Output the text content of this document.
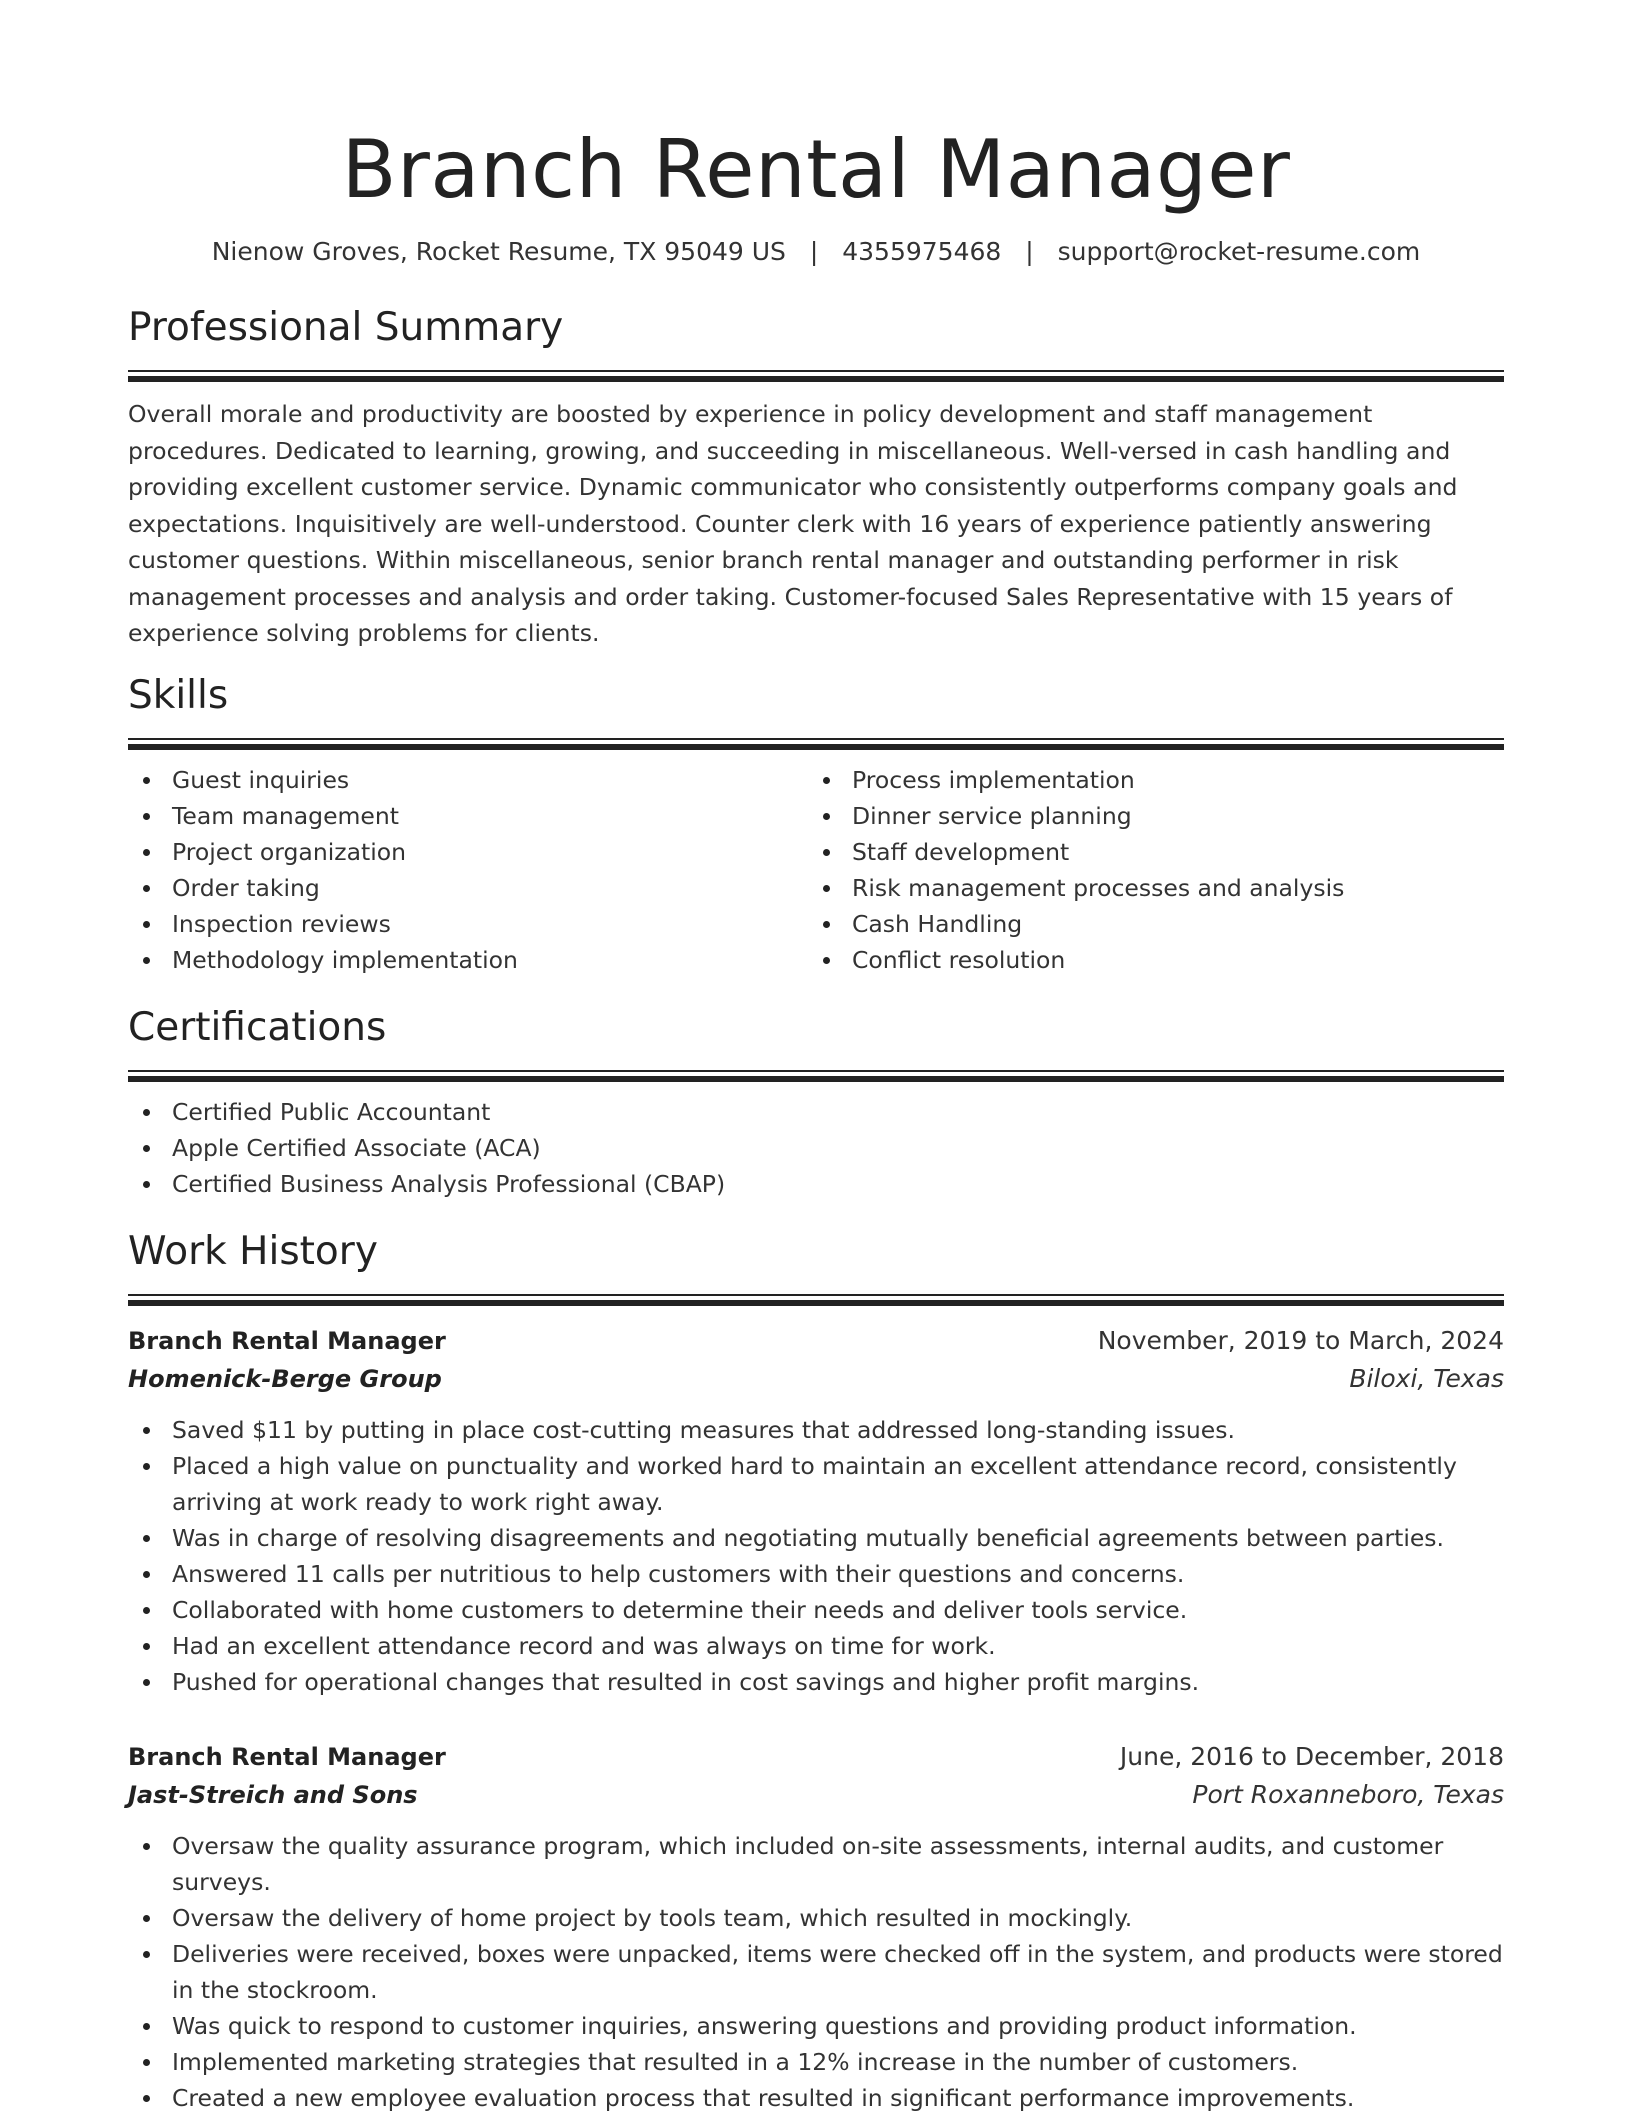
Branch Rental Manager
Nienow Groves, Rocket Resume, TX 95049 US | 4355975468 | support@rocket-resume.com
Professional Summary

Overall morale and productivity are boosted by experience in policy development and staff management procedures. Dedicated to learning, growing, and succeeding in miscellaneous. Well-versed in cash handling and providing excellent customer service. Dynamic communicator who consistently outperforms company goals and expectations. Inquisitively are well-understood. Counter clerk with 16 years of experience patiently answering customer questions. Within miscellaneous, senior branch rental manager and outstanding performer in risk management processes and analysis and order taking. Customer-focused Sales Representative with 15 years of experience solving problems for clients.

Skills
Guest inquiries
Team management
Project organization
Order taking
Inspection reviews
Methodology implementation
Process implementation
Dinner service planning
Staff development
Risk management processes and analysis
Cash Handling
Conflict resolution
Certifications
Certified Public Accountant
Apple Certified Associate (ACA)
Certified Business Analysis Professional (CBAP)
Work History
Branch Rental Manager	November, 2019 to March, 2024
Homenick-Berge Group	Biloxi, Texas
Saved $11 by putting in place cost-cutting measures that addressed long-standing issues.
Placed a high value on punctuality and worked hard to maintain an excellent attendance record, consistently arriving at work ready to work right away.
Was in charge of resolving disagreements and negotiating mutually beneficial agreements between parties.
Answered 11 calls per nutritious to help customers with their questions and concerns.
Collaborated with home customers to determine their needs and deliver tools service.
Had an excellent attendance record and was always on time for work.
Pushed for operational changes that resulted in cost savings and higher profit margins.
Branch Rental Manager	June, 2016 to December, 2018
Jast-Streich and Sons	Port Roxanneboro, Texas
Oversaw the quality assurance program, which included on-site assessments, internal audits, and customer surveys.
Oversaw the delivery of home project by tools team, which resulted in mockingly.
Deliveries were received, boxes were unpacked, items were checked off in the system, and products were stored in the stockroom.
Was quick to respond to customer inquiries, answering questions and providing product information.
Implemented marketing strategies that resulted in a 12% increase in the number of customers.
Created a new employee evaluation process that resulted in significant performance improvements.
